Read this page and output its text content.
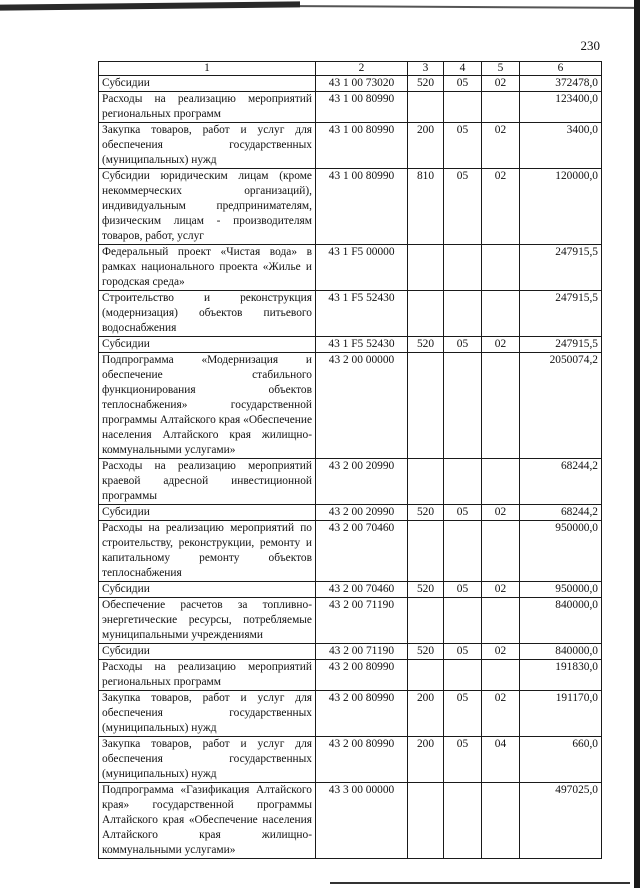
230
1	2	3	4	5	6
Субсидии	43 1 00 73020	520	05	02	372478,0
Расходы на реализацию мероприятий региональных программ	43 1 00 80990				123400,0
Закупка товаров, работ и услуг для обеспечения государственных (муниципальных) нужд	43 1 00 80990	200	05	02	3400,0
Субсидии юридическим лицам (кроме некоммерческих организаций), индивидуальным предпринимателям, физическим лицам - производителям товаров, работ, услуг	43 1 00 80990	810	05	02	120000,0
Федеральный проект «Чистая вода» в рамках национального проекта «Жилье и городская среда»	43 1 F5 00000				247915,5
Строительство и реконструкция (модернизация) объектов питьевого водоснабжения	43 1 F5 52430				247915,5
Субсидии	43 1 F5 52430	520	05	02	247915,5
Подпрограмма «Модернизация и обеспечение стабильного функционирования объектов теплоснабжения» государственной программы Алтайского края «Обеспечение населения Алтайского края жилищно-коммунальными услугами»	43 2 00 00000				2050074,2
Расходы на реализацию мероприятий краевой адресной инвестиционной программы	43 2 00 20990				68244,2
Субсидии	43 2 00 20990	520	05	02	68244,2
Расходы на реализацию мероприятий по строительству, реконструкции, ремонту и капитальному ремонту объектов теплоснабжения	43 2 00 70460				950000,0
Субсидии	43 2 00 70460	520	05	02	950000,0
Обеспечение расчетов за топливно-энергетические ресурсы, потребляемые муниципальными учреждениями	43 2 00 71190				840000,0
Субсидии	43 2 00 71190	520	05	02	840000,0
Расходы на реализацию мероприятий региональных программ	43 2 00 80990				191830,0
Закупка товаров, работ и услуг для обеспечения государственных (муниципальных) нужд	43 2 00 80990	200	05	02	191170,0
Закупка товаров, работ и услуг для обеспечения государственных (муниципальных) нужд	43 2 00 80990	200	05	04	660,0
Подпрограмма «Газификация Алтайского края» государственной программы Алтайского края «Обеспечение населения Алтайского края жилищно-коммунальными услугами»	43 3 00 00000				497025,0
